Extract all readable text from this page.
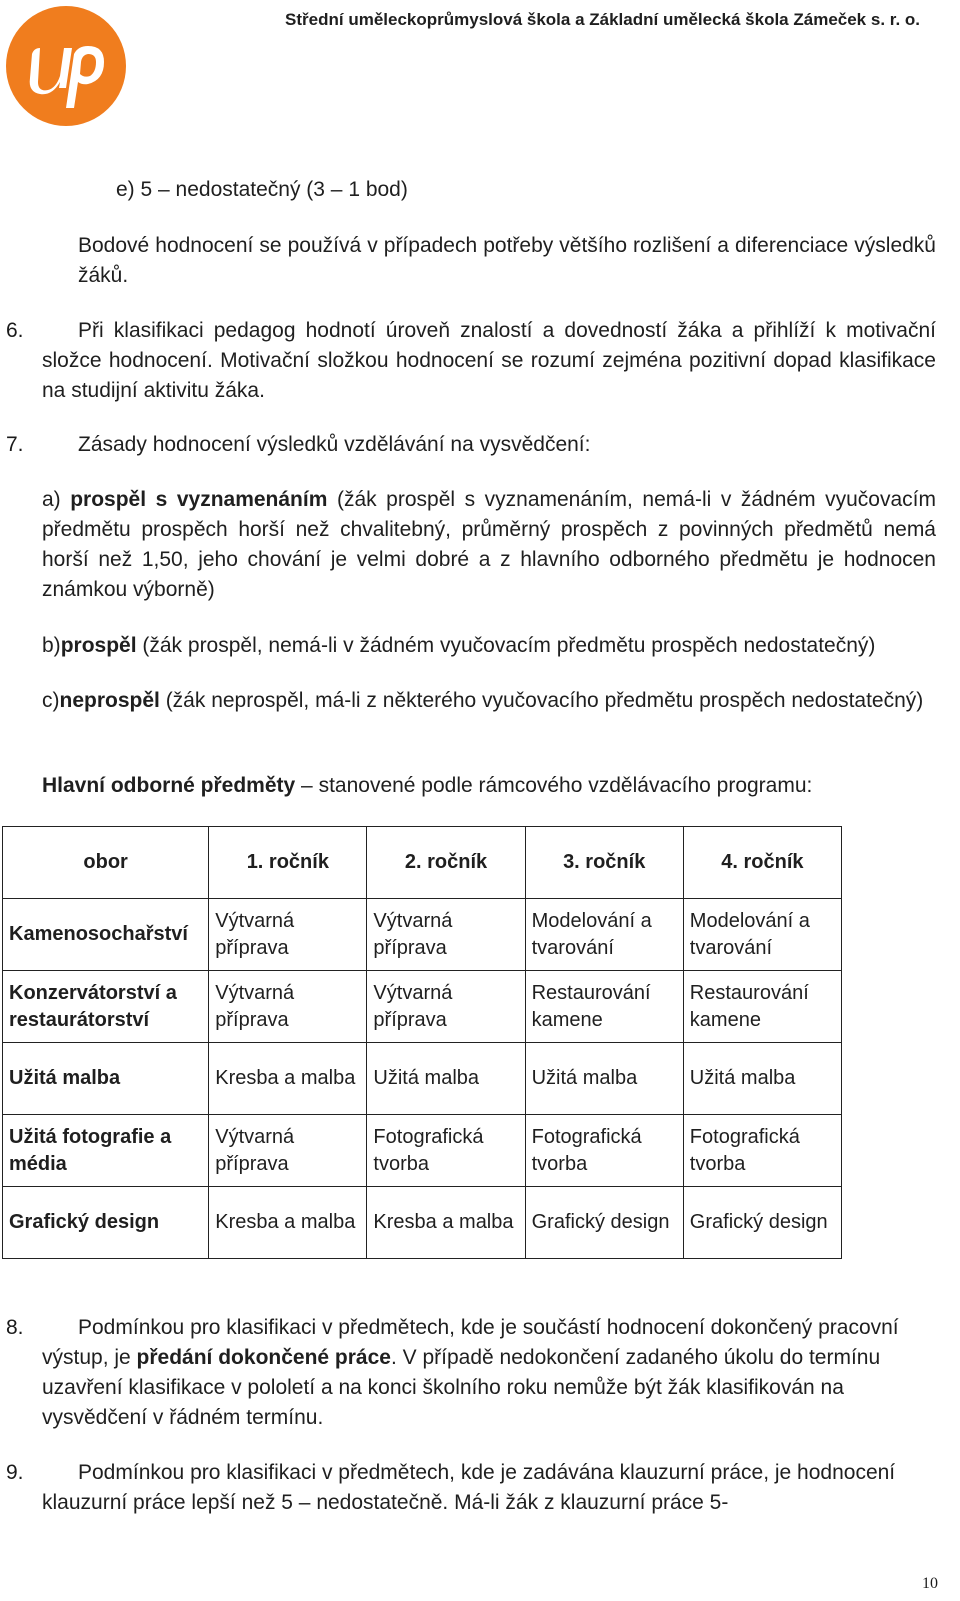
Střední uměleckoprůmyslová škola a Základní umělecká škola Zámeček s. r. o.
e) 5 – nedostatečný (3 – 1 bod)
Bodové hodnocení se používá v případech potřeby většího rozlišení a diferenciace výsledků žáků.
6.	Při klasifikaci pedagog hodnotí úroveň znalostí a dovedností žáka a přihlíží k motivační složce hodnocení. Motivační složkou hodnocení se rozumí zejména pozitivní dopad klasifikace na studijní aktivitu žáka.
7.	Zásady hodnocení výsledků vzdělávání na vysvědčení:
a) prospěl s vyznamenáním (žák prospěl s vyznamenáním, nemá-li v žádném vyučovacím předmětu prospěch horší než chvalitebný, průměrný prospěch z povinných předmětů nemá horší než 1,50, jeho chování je velmi dobré a z hlavního odborného předmětu je hodnocen známkou výborně)
b)prospěl (žák prospěl, nemá-li v žádném vyučovacím předmětu prospěch nedostatečný)
c)neprospěl (žák neprospěl, má-li z některého vyučovacího předmětu prospěch nedostatečný)
Hlavní odborné předměty – stanovené podle rámcového vzdělávacího programu:
obor	1. ročník	2. ročník	3. ročník	4. ročník
Kamenosochařství	Výtvarná příprava	Výtvarná příprava	Modelování a tvarování	Modelování a tvarování
Konzervátorství a restaurátorství	Výtvarná příprava	Výtvarná příprava	Restaurování kamene	Restaurování kamene
Užitá malba	Kresba a malba	Užitá malba	Užitá malba	Užitá malba
Užitá fotografie a média	Výtvarná příprava	Fotografická tvorba	Fotografická tvorba	Fotografická tvorba
Grafický design	Kresba a malba	Kresba a malba	Grafický design	Grafický design
8.	Podmínkou pro klasifikaci v předmětech, kde je součástí hodnocení dokončený pracovní výstup, je předání dokončené práce. V případě nedokončení zadaného úkolu do termínu uzavření klasifikace v pololetí a na konci školního roku nemůže být žák klasifikován na vysvědčení v řádném termínu.
9.	Podmínkou pro klasifikaci v předmětech, kde je zadávána klauzurní práce, je hodnocení klauzurní práce lepší než 5 – nedostatečně. Má-li žák z klauzurní práce 5-
10
